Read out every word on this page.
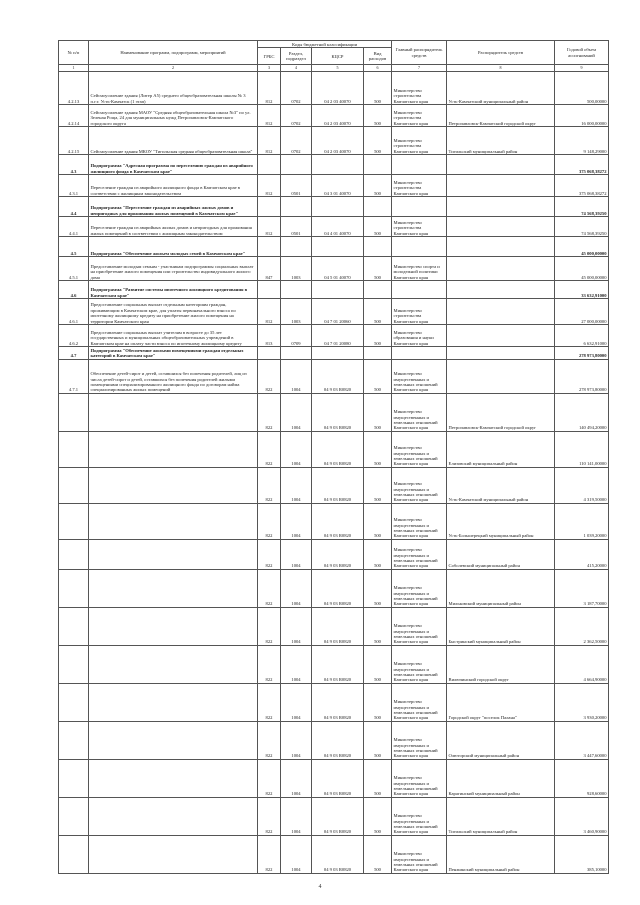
№ п/п	Наименование программ, подпрограмм, мероприятий	Коды бюджетной классификации				Главный распорядитель средств	Распорядитель средств	Годовой объем ассигнований
		ГРБС	Раздел, подраздел	КЦСР	Вид расходов			
1	2	3	4	5	6	7	8	9
4.2.13	Сейсмоусиление здания (Литер А5) среднего общеобразовательная школы № 3 п.г.т. Усть-Камчатск (1 этап)	812	0702	04 2 03 40070	500	Министерство строительства Камчатского края	Усть-Камчатский муниципальный район	500,00000
4.2.14	Сейсмоусиление здания МАОУ "Средняя общеобразовательная школа №3" по ул. Зеленая Роща, 24 для муниципальных нужд Петропавловск-Камчатского городского округа	812	0702	04 2 03 40070	500	Министерство строительства Камчатского края	Петропавловск-Камчатский городской округ	16 000,00000
4.2.15	Сейсмоусиление здания МКОУ "Тигильская средняя общеобразовательная школа"	812	0702	04 2 03 40070	500	Министерство строительства Камчатского края	Тигильский муниципальный район	9 148,29000
4.3	Подпрограмма "Адресная программа по переселению граждан из аварийного жилищного фонда в Камчатском крае"							375 068,38272
4.3.1	Переселение граждан из аварийного жилищного фонда в Камчатском крае в соответствии с жилищным законодательством	812	0501	04 3 01 40070	500	Министерство строительства Камчатского края		375 068,38272
4.4	Подпрограмма "Переселение граждан из аварийных жилых домов и непригодных для проживания жилых помещений в Камчатском крае"							74 568,39250
4.4.1	Переселение граждан из аварийных жилых домов и непригодных для проживания жилых помещений в соответствии с жилищным законодательством	812	0501	04 4 01 40070	500	Министерство строительства Камчатского края		74 568,39250
4.5	Подпрограмма "Обеспечение жильем молодых семей в Камчатском крае"							45 000,00000
4.5.1	Предоставление молодым семьям - участникам подпрограммы социальных выплат на приобретение жилого помещения или строительство индивидуального жилого дома	847	1003	04 5 01 40070	500	Министерство спорта и молодежной политики Камчатского края		45 000,00000
4.6	Подпрограмма "Развитие системы ипотечного жилищного кредитования в Камчатском крае"							33 632,91000
4.6.1	Предоставление социальных выплат отдельным категориям граждан, проживающим в Камчатском крае, для уплаты первоначального взноса по ипотечному жилищному кредиту на приобретение жилого помещения на территории Камчатского края	812	1003	04 7 01 20060	500	Министерство строительства Камчатского края		27 000,00000
4.6.2	Предоставление социальных выплат учителям в возрасте до 35 лет государственных и муниципальных общеобразовательных учреждений в Камчатском крае на оплату части взноса по ипотечному жилищному кредиту	813	0709	04 7 01 20080	500	Министерство образования и науки Камчатского края		6 632,91000
4.7	Подпрограмма "Обеспечение жилыми помещениями граждан отдельных категорий в Камчатском крае"							278 973,80000
4.7.1	Обеспечение детей-сирот и детей, оставшихся без попечения родителей, лиц из числа детей-сирот и детей, оставшихся без попечения родителей жилыми помещениями специализированного жилищного фонда по договорам найма специализированных жилых помещений	822	1004	04 9 03 R0820	500	Министерство имущественных и земельных отношений Камчатского края		278 973,80000
		822	1004	04 9 03 R0820	500	Министерство имущественных и земельных отношений Камчатского края	Петропавловск-Камчатский городской округ	140 494,20000
		822	1004	04 9 03 R0820	500	Министерство имущественных и земельных отношений Камчатского края	Елизовский муниципальный район	110 141,00000
		822	1004	04 9 03 R0820	500	Министерство имущественных и земельных отношений Камчатского края	Усть-Камчатский муниципальный район	4 319,50000
		822	1004	04 9 03 R0820	500	Министерство имущественных и земельных отношений Камчатского края	Усть-Большерецкий муниципальный район	1 039,20000
		822	1004	04 9 03 R0820	500	Министерство имущественных и земельных отношений Камчатского края	Соболевский муниципальный район	415,20000
		822	1004	04 9 03 R0820	500	Министерство имущественных и земельных отношений Камчатского края	Мильковский муниципальный район	3 187,70000
		822	1004	04 9 03 R0820	500	Министерство имущественных и земельных отношений Камчатского края	Быстринский муниципальный район	2 362,50000
		822	1004	04 9 03 R0820	500	Министерство имущественных и земельных отношений Камчатского края	Вилючинский городской округ	4 664,90000
		822	1004	04 9 03 R0820	500	Министерство имущественных и земельных отношений Камчатского края	Городской округ "поселок Палана"	3 930,20000
		822	1004	04 9 03 R0820	500	Министерство имущественных и земельных отношений Камчатского края	Олюторский муниципальный район	3 447,60000
		822	1004	04 9 03 R0820	500	Министерство имущественных и земельных отношений Камчатского края	Карагинский муниципальный район	928,60000
		822	1004	04 9 03 R0820	500	Министерство имущественных и земельных отношений Камчатского края	Тигильский муниципальный район	3 460,90000
		822	1004	04 9 03 R0820	500	Министерство имущественных и земельных отношений Камчатского края	Пенжинский муниципальный район	385,10000
4
